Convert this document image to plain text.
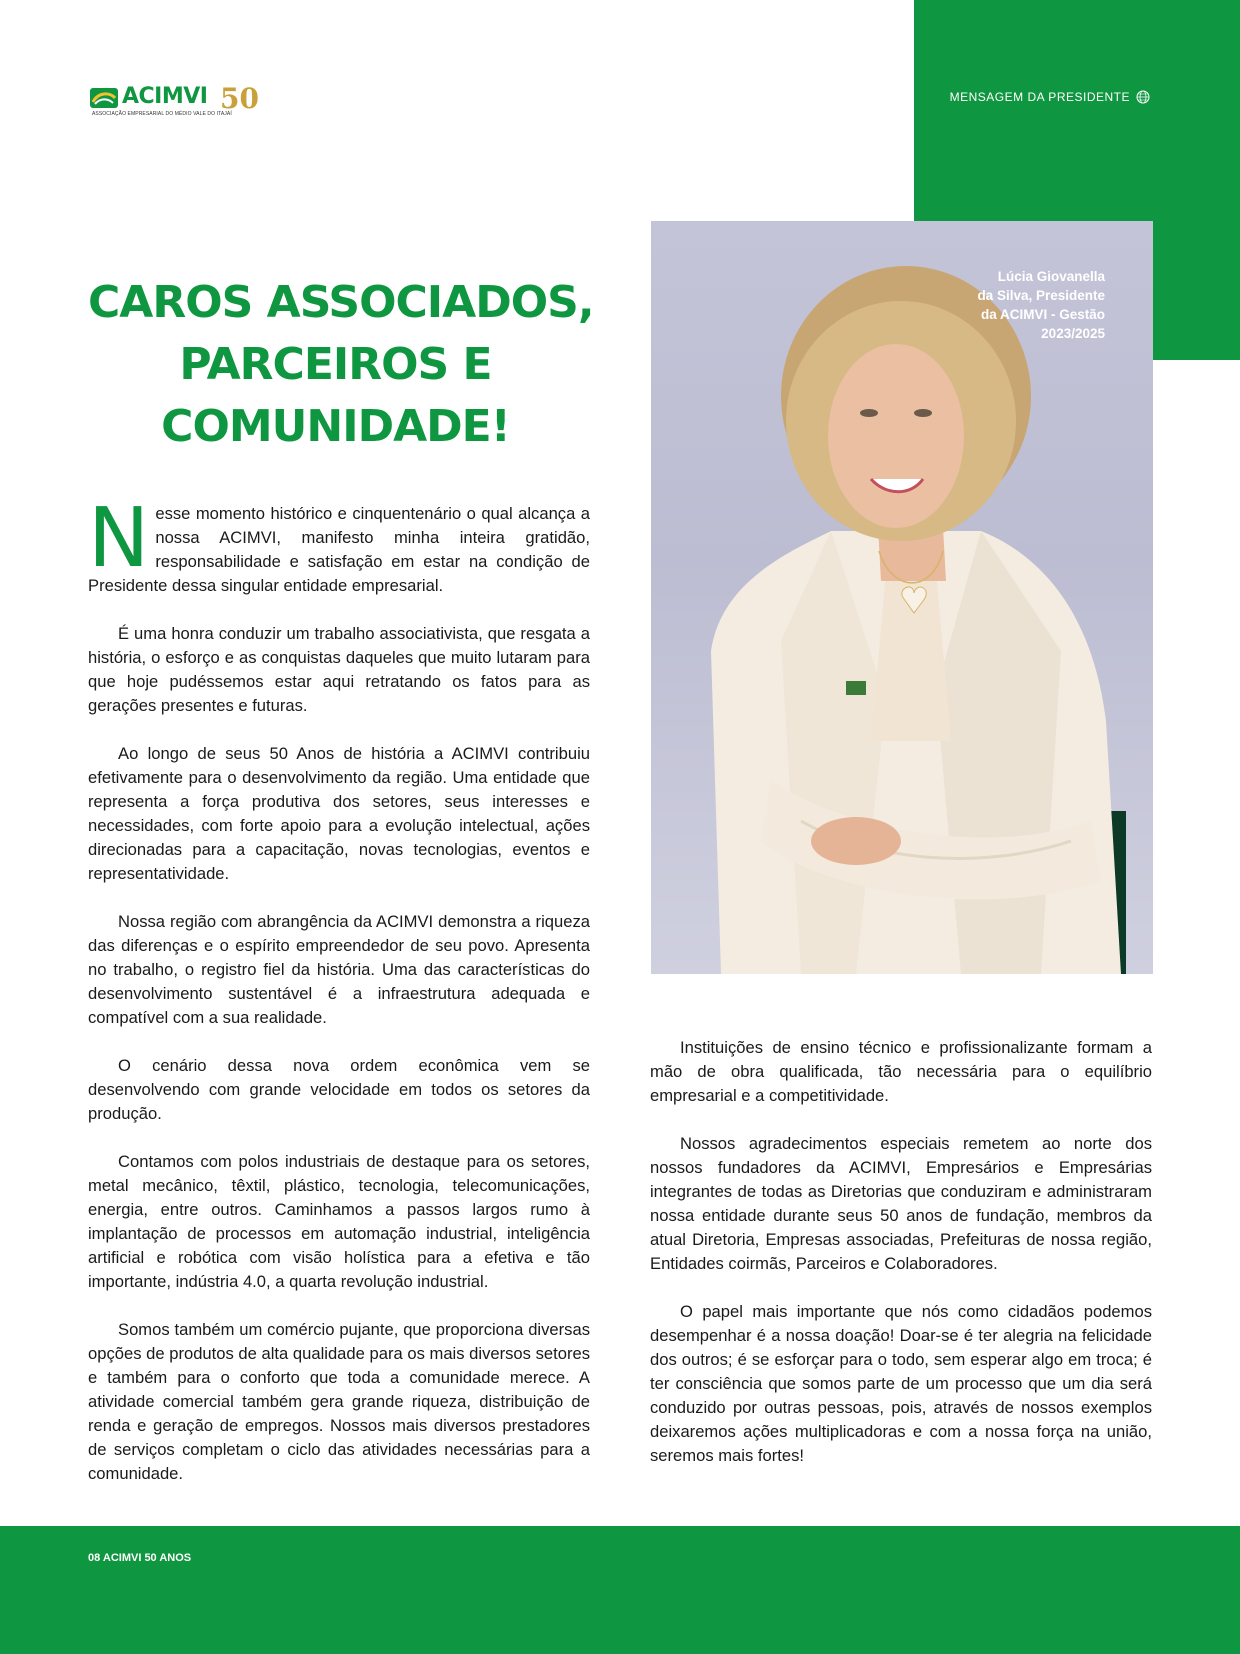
MENSAGEM DA PRESIDENTE
ACIMVI 50
ASSOCIAÇÃO EMPRESARIAL DO MÉDIO VALE DO ITAJAÍ
CAROS ASSOCIADOS,
PARCEIROS E
COMUNIDADE!

Nesse momento histórico e cinquentenário o qual alcança a nossa ACIMVI, manifesto minha inteira gratidão, responsabilidade e satisfação em estar na condição de Presidente dessa singular entidade empresarial.

É uma honra conduzir um trabalho associativista, que resgata a história, o esforço e as conquistas daqueles que muito lutaram para que hoje pudéssemos estar aqui retratando os fatos para as gerações presentes e futuras.

Ao longo de seus 50 Anos de história a ACIMVI contribuiu efetivamente para o desenvolvimento da região. Uma entidade que representa a força produtiva dos setores, seus interesses e necessidades, com forte apoio para a evolução intelectual, ações direcionadas para a capacitação, novas tecnologias, eventos e representatividade.

Nossa região com abrangência da ACIMVI demonstra a riqueza das diferenças e o espírito empreendedor de seu povo. Apresenta no trabalho, o registro fiel da história. Uma das características do desenvolvimento sustentável é a infraestrutura adequada e compatível com a sua realidade.

O cenário dessa nova ordem econômica vem se desenvolvendo com grande velocidade em todos os setores da produção.

Contamos com polos industriais de destaque para os setores, metal mecânico, têxtil, plástico, tecnologia, telecomunicações, energia, entre outros. Caminhamos a passos largos rumo à implantação de processos em automação industrial, inteligência artificial e robótica com visão holística para a efetiva e tão importante, indústria 4.0, a quarta revolução industrial.

Somos também um comércio pujante, que proporciona diversas opções de produtos de alta qualidade para os mais diversos setores e também para o conforto que toda a comunidade merece. A atividade comercial também gera grande riqueza, distribuição de renda e geração de empregos. Nossos mais diversos prestadores de serviços completam o ciclo das atividades necessárias para a comunidade.

Lúcia Giovanella
da Silva, Presidente
da ACIMVI - Gestão
2023/2025

Instituições de ensino técnico e profissionalizante formam a mão de obra qualificada, tão necessária para o equilíbrio empresarial e a competitividade.

Nossos agradecimentos especiais remetem ao norte dos nossos fundadores da ACIMVI, Empresários e Empresárias integrantes de todas as Diretorias que conduziram e administraram nossa entidade durante seus 50 anos de fundação, membros da atual Diretoria, Empresas associadas, Prefeituras de nossa região, Entidades coirmãs, Parceiros e Colaboradores.

O papel mais importante que nós como cidadãos podemos desempenhar é a nossa doação! Doar-se é ter alegria na felicidade dos outros; é se esforçar para o todo, sem esperar algo em troca; é ter consciência que somos parte de um processo que um dia será conduzido por outras pessoas, pois, através de nossos exemplos deixaremos ações multiplicadoras e com a nossa força na união, seremos mais fortes!

08 ACIMVI 50 ANOS
